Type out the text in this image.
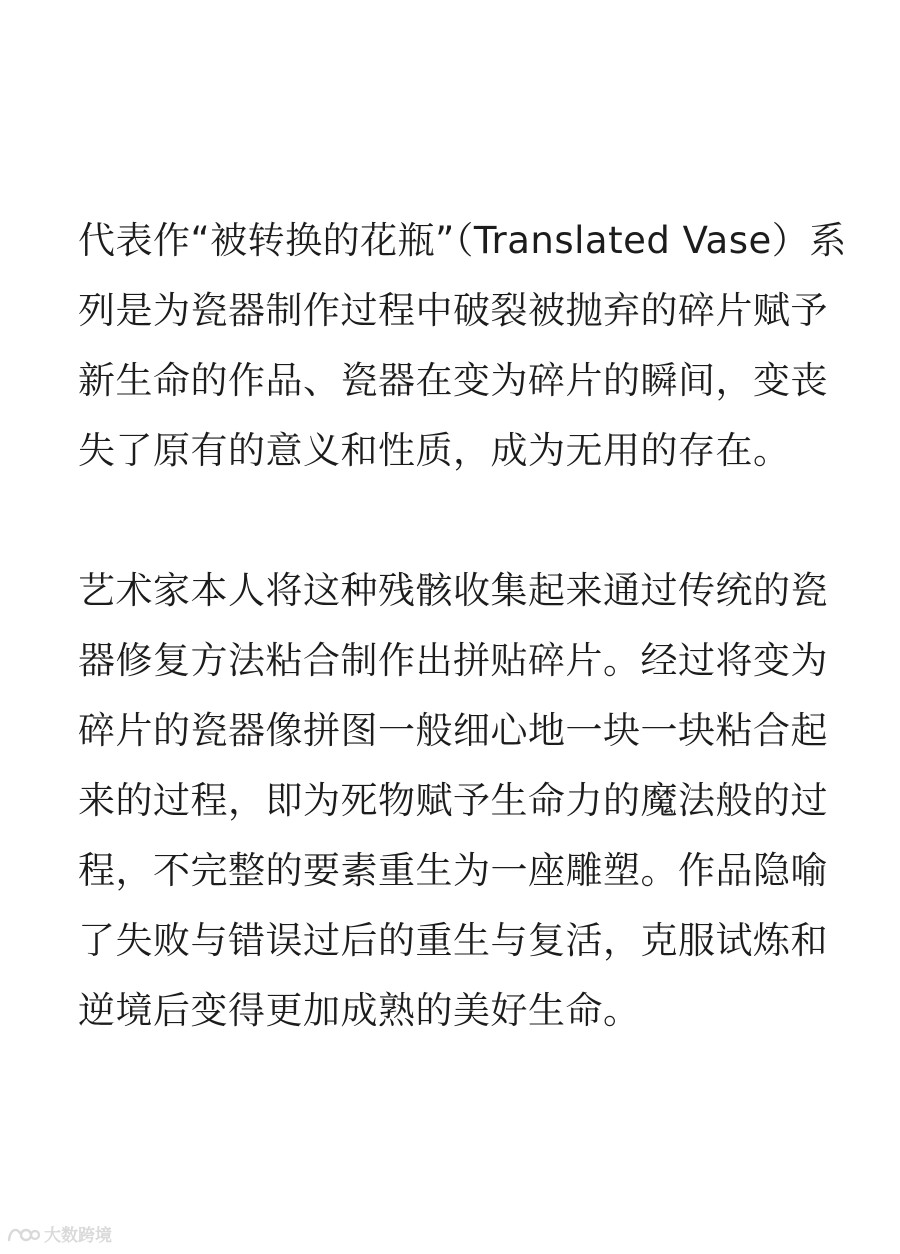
代表作“被转换的花瓶”（Translated Vase）系
列是为瓷器制作过程中破裂被抛弃的碎片赋予
新生命的作品、瓷器在变为碎片的瞬间，变丧
失了原有的意义和性质，成为无用的存在。

艺术家本人将这种残骸收集起来通过传统的瓷
器修复方法粘合制作出拼贴碎片。经过将变为
碎片的瓷器像拼图一般细心地一块一块粘合起
来的过程，即为死物赋予生命力的魔法般的过
程，不完整的要素重生为一座雕塑。作品隐喻
了失败与错误过后的重生与复活，克服试炼和
逆境后变得更加成熟的美好生命。

大数跨境
